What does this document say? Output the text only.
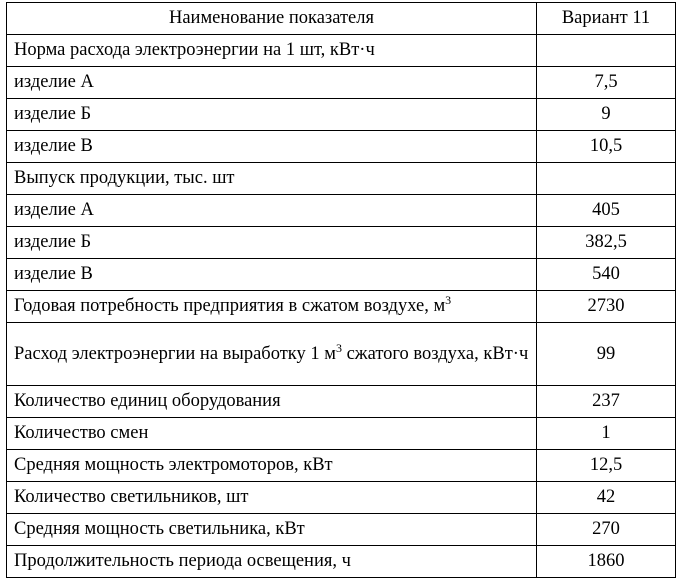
Наименование показателя	Вариант 11
Норма расхода электроэнергии на 1 шт, кВт·ч	
изделие А	7,5
изделие Б	9
изделие В	10,5
Выпуск продукции, тыс. шт	
изделие А	405
изделие Б	382,5
изделие В	540
Годовая потребность предприятия в сжатом воздухе, $м^3$	2730
Расход электроэнергии на выработку 1 $м^3$ сжатого воздуха, кВт·ч	99
Количество единиц оборудования	237
Количество смен	1
Средняя мощность электромоторов, кВт	12,5
Количество светильников, шт	42
Средняя мощность светильника, кВт	270
Продолжительность периода освещения, ч	1860
